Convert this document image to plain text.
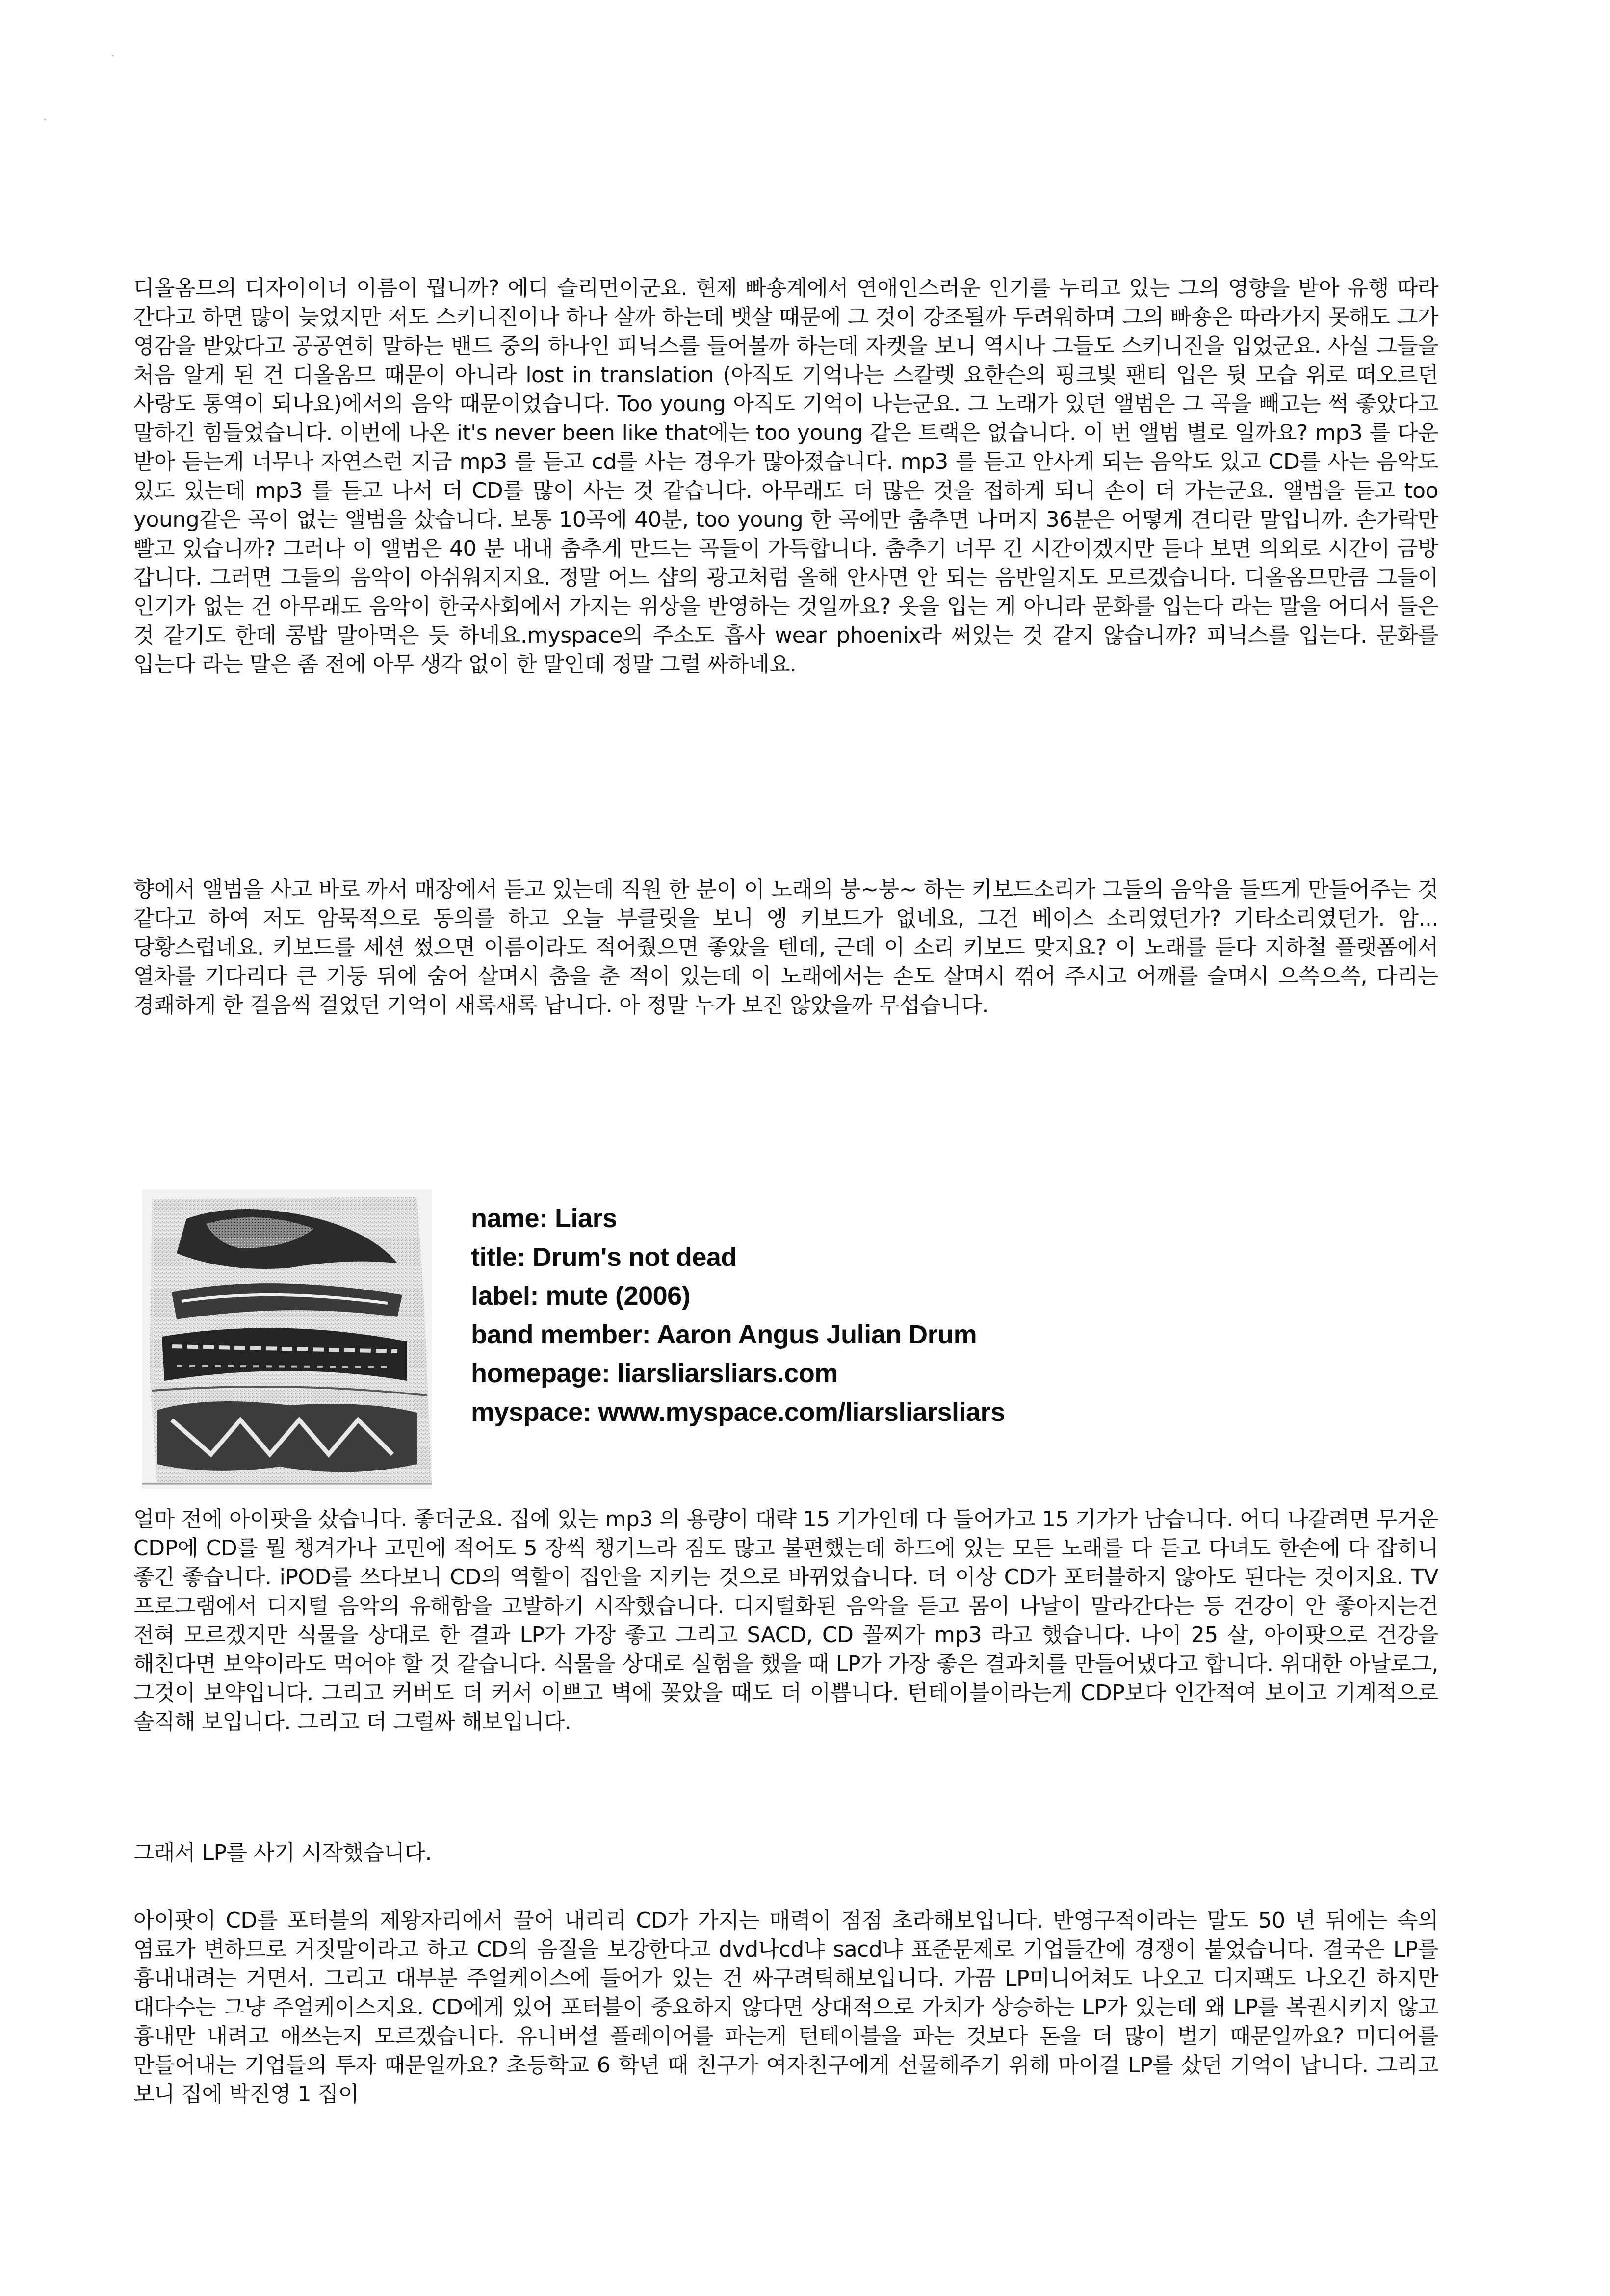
디올옴므의 디자이이너 이름이 뭡니까? 에디 슬리먼이군요. 현제 빠숑계에서 연애인스러운 인기를 누리고 있는 그의 영향을 받아 유행 따라 간다고 하면 많이 늦었지만 저도 스키니진이나 하나 살까 하는데 뱃살 때문에 그 것이 강조될까 두려워하며 그의 빠숑은 따라가지 못해도 그가 영감을 받았다고 공공연히 말하는 밴드 중의 하나인 피닉스를 들어볼까 하는데 자켓을 보니 역시나 그들도 스키니진을 입었군요. 사실 그들을 처음 알게 된 건 디올옴므 때문이 아니라 lost in translation (아직도 기억나는 스칼렛 요한슨의 핑크빛 팬티 입은 뒷 모습 위로 떠오르던 사랑도 통역이 되나요)에서의 음악 때문이었습니다. Too young 아직도 기억이 나는군요. 그 노래가 있던 앨범은 그 곡을 빼고는 썩 좋았다고 말하긴 힘들었습니다. 이번에 나온 it's never been like that에는 too young 같은 트랙은 없습니다. 이 번 앨범 별로 일까요? mp3 를 다운 받아 듣는게 너무나 자연스런 지금 mp3 를 듣고 cd를 사는 경우가 많아졌습니다. mp3 를 듣고 안사게 되는 음악도 있고 CD를 사는 음악도 있도 있는데 mp3 를 듣고 나서 더 CD를 많이 사는 것 같습니다. 아무래도 더 많은 것을 접하게 되니 손이 더 가는군요. 앨범을 듣고 too young같은 곡이 없는 앨범을 샀습니다. 보통 10곡에 40분, too young 한 곡에만 춤추면 나머지 36분은 어떻게 견디란 말입니까. 손가락만 빨고 있습니까? 그러나 이 앨범은 40 분 내내 춤추게 만드는 곡들이 가득합니다. 춤추기 너무 긴 시간이겠지만 듣다 보면 의외로 시간이 금방 갑니다. 그러면 그들의 음악이 아쉬워지지요. 정말 어느 샵의 광고처럼 올해 안사면 안 되는 음반일지도 모르겠습니다. 디올옴므만큼 그들이 인기가 없는 건 아무래도 음악이 한국사회에서 가지는 위상을 반영하는 것일까요? 옷을 입는 게 아니라 문화를 입는다 라는 말을 어디서 들은 것 같기도 한데 콩밥 말아먹은 듯 하네요.myspace의 주소도 흡사 wear phoenix라 써있는 것 같지 않습니까? 피닉스를 입는다. 문화를 입는다 라는 말은 좀 전에 아무 생각 없이 한 말인데 정말 그럴 싸하네요.

향에서 앨범을 사고 바로 까서 매장에서 듣고 있는데 직원 한 분이 이 노래의 붕~붕~ 하는 키보드소리가 그들의 음악을 들뜨게 만들어주는 것 같다고 하여 저도 암묵적으로 동의를 하고 오늘 부클릿을 보니 엥 키보드가 없네요, 그건 베이스 소리였던가? 기타소리였던가. 암...당황스럽네요. 키보드를 세션 썼으면 이름이라도 적어줬으면 좋았을 텐데, 근데 이 소리 키보드 맞지요? 이 노래를 듣다 지하철 플랫폼에서 열차를 기다리다 큰 기둥 뒤에 숨어 살며시 춤을 춘 적이 있는데 이 노래에서는 손도 살며시 꺾어 주시고 어깨를 슬며시 으쓱으쓱, 다리는 경쾌하게 한 걸음씩 걸었던 기억이 새록새록 납니다. 아 정말 누가 보진 않았을까 무섭습니다.

name: Liars
title: Drum's not dead
label: mute (2006)
band member: Aaron Angus Julian Drum
homepage: liarsliarsliars.com
myspace: www.myspace.com/liarsliarsliars

얼마 전에 아이팟을 샀습니다. 좋더군요. 집에 있는 mp3 의 용량이 대략 15 기가인데 다 들어가고 15 기가가 남습니다. 어디 나갈려면 무거운 CDP에 CD를 뭘 챙겨가나 고민에 적어도 5 장씩 챙기느라 짐도 많고 불편했는데 하드에 있는 모든 노래를 다 듣고 다녀도 한손에 다 잡히니 좋긴 좋습니다. iPOD를 쓰다보니 CD의 역할이 집안을 지키는 것으로 바뀌었습니다. 더 이상 CD가 포터블하지 않아도 된다는 것이지요. TV 프로그램에서 디지털 음악의 유해함을 고발하기 시작했습니다. 디지털화된 음악을 듣고 몸이 나날이 말라간다는 등 건강이 안 좋아지는건 전혀 모르겠지만 식물을 상대로 한 결과 LP가 가장 좋고 그리고 SACD, CD 꼴찌가 mp3 라고 했습니다. 나이 25 살, 아이팟으로 건강을 해친다면 보약이라도 먹어야 할 것 같습니다. 식물을 상대로 실험을 했을 때 LP가 가장 좋은 결과치를 만들어냈다고 합니다. 위대한 아날로그, 그것이 보약입니다. 그리고 커버도 더 커서 이쁘고 벽에 꽂았을 때도 더 이쁩니다. 턴테이블이라는게 CDP보다 인간적여 보이고 기계적으로 솔직해 보입니다. 그리고 더 그럴싸 해보입니다.

그래서 LP를 사기 시작했습니다.

아이팟이 CD를 포터블의 제왕자리에서 끌어 내리리 CD가 가지는 매력이 점점 초라해보입니다. 반영구적이라는 말도 50 년 뒤에는 속의 염료가 변하므로 거짓말이라고 하고 CD의 음질을 보강한다고 dvd나cd냐 sacd냐 표준문제로 기업들간에 경쟁이 붙었습니다. 결국은 LP를 흉내내려는 거면서. 그리고 대부분 주얼케이스에 들어가 있는 건 싸구려틱해보입니다. 가끔 LP미니어쳐도 나오고 디지팩도 나오긴 하지만 대다수는 그냥 주얼케이스지요. CD에게 있어 포터블이 중요하지 않다면 상대적으로 가치가 상승하는 LP가 있는데 왜 LP를 복권시키지 않고 흉내만 내려고 애쓰는지 모르겠습니다. 유니버셜 플레이어를 파는게 턴테이블을 파는 것보다 돈을 더 많이 벌기 때문일까요? 미디어를 만들어내는 기업들의 투자 때문일까요? 초등학교 6 학년 때 친구가 여자친구에게 선물해주기 위해 마이걸 LP를 샀던 기억이 납니다. 그리고 보니 집에 박진영 1 집이
